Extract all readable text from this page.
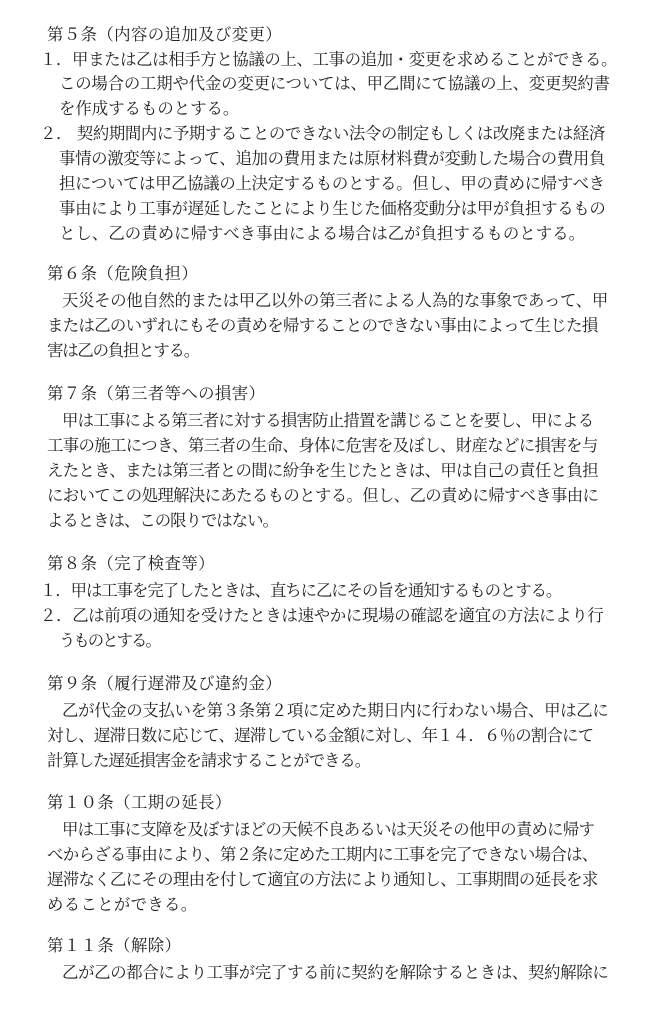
第５条（内容の追加及び変更）
１．甲または乙は相手方と協議の上、工事の追加・変更を求めることができる。
この場合の工期や代金の変更については、甲乙間にて協議の上、変更契約書
を作成するものとする。
２． 契約期間内に予期することのできない法令の制定もしくは改廃または経済
事情の激変等によって、追加の費用または原材料費が変動した場合の費用負
担については甲乙協議の上決定するものとする。但し、甲の責めに帰すべき
事由により工事が遅延したことにより生じた価格変動分は甲が負担するもの
とし、乙の責めに帰すべき事由による場合は乙が負担するものとする。
第６条（危険負担）
天災その他自然的または甲乙以外の第三者による人為的な事象であって、甲
または乙のいずれにもその責めを帰することのできない事由によって生じた損
害は乙の負担とする。
第７条（第三者等への損害）
甲は工事による第三者に対する損害防止措置を講じることを要し、甲による
工事の施工につき、第三者の生命、身体に危害を及ぼし、財産などに損害を与
えたとき、または第三者との間に紛争を生じたときは、甲は自己の責任と負担
においてこの処理解決にあたるものとする。但し、乙の責めに帰すべき事由に
よるときは、この限りではない。
第８条（完了検査等）
１．甲は工事を完了したときは、直ちに乙にその旨を通知するものとする。
２．乙は前項の通知を受けたときは速やかに現場の確認を適宜の方法により行
うものとする。
第９条（履行遅滞及び違約金）
乙が代金の支払いを第３条第２項に定めた期日内に行わない場合、甲は乙に
対し、遅滞日数に応じて、遅滞している金額に対し、年１４．６％の割合にて
計算した遅延損害金を請求することができる。
第１０条（工期の延長）
甲は工事に支障を及ぼすほどの天候不良あるいは天災その他甲の責めに帰す
べからざる事由により、第２条に定めた工期内に工事を完了できない場合は、
遅滞なく乙にその理由を付して適宜の方法により通知し、工事期間の延長を求
めることができる。
第１１条（解除）
乙が乙の都合により工事が完了する前に契約を解除するときは、契約解除に
